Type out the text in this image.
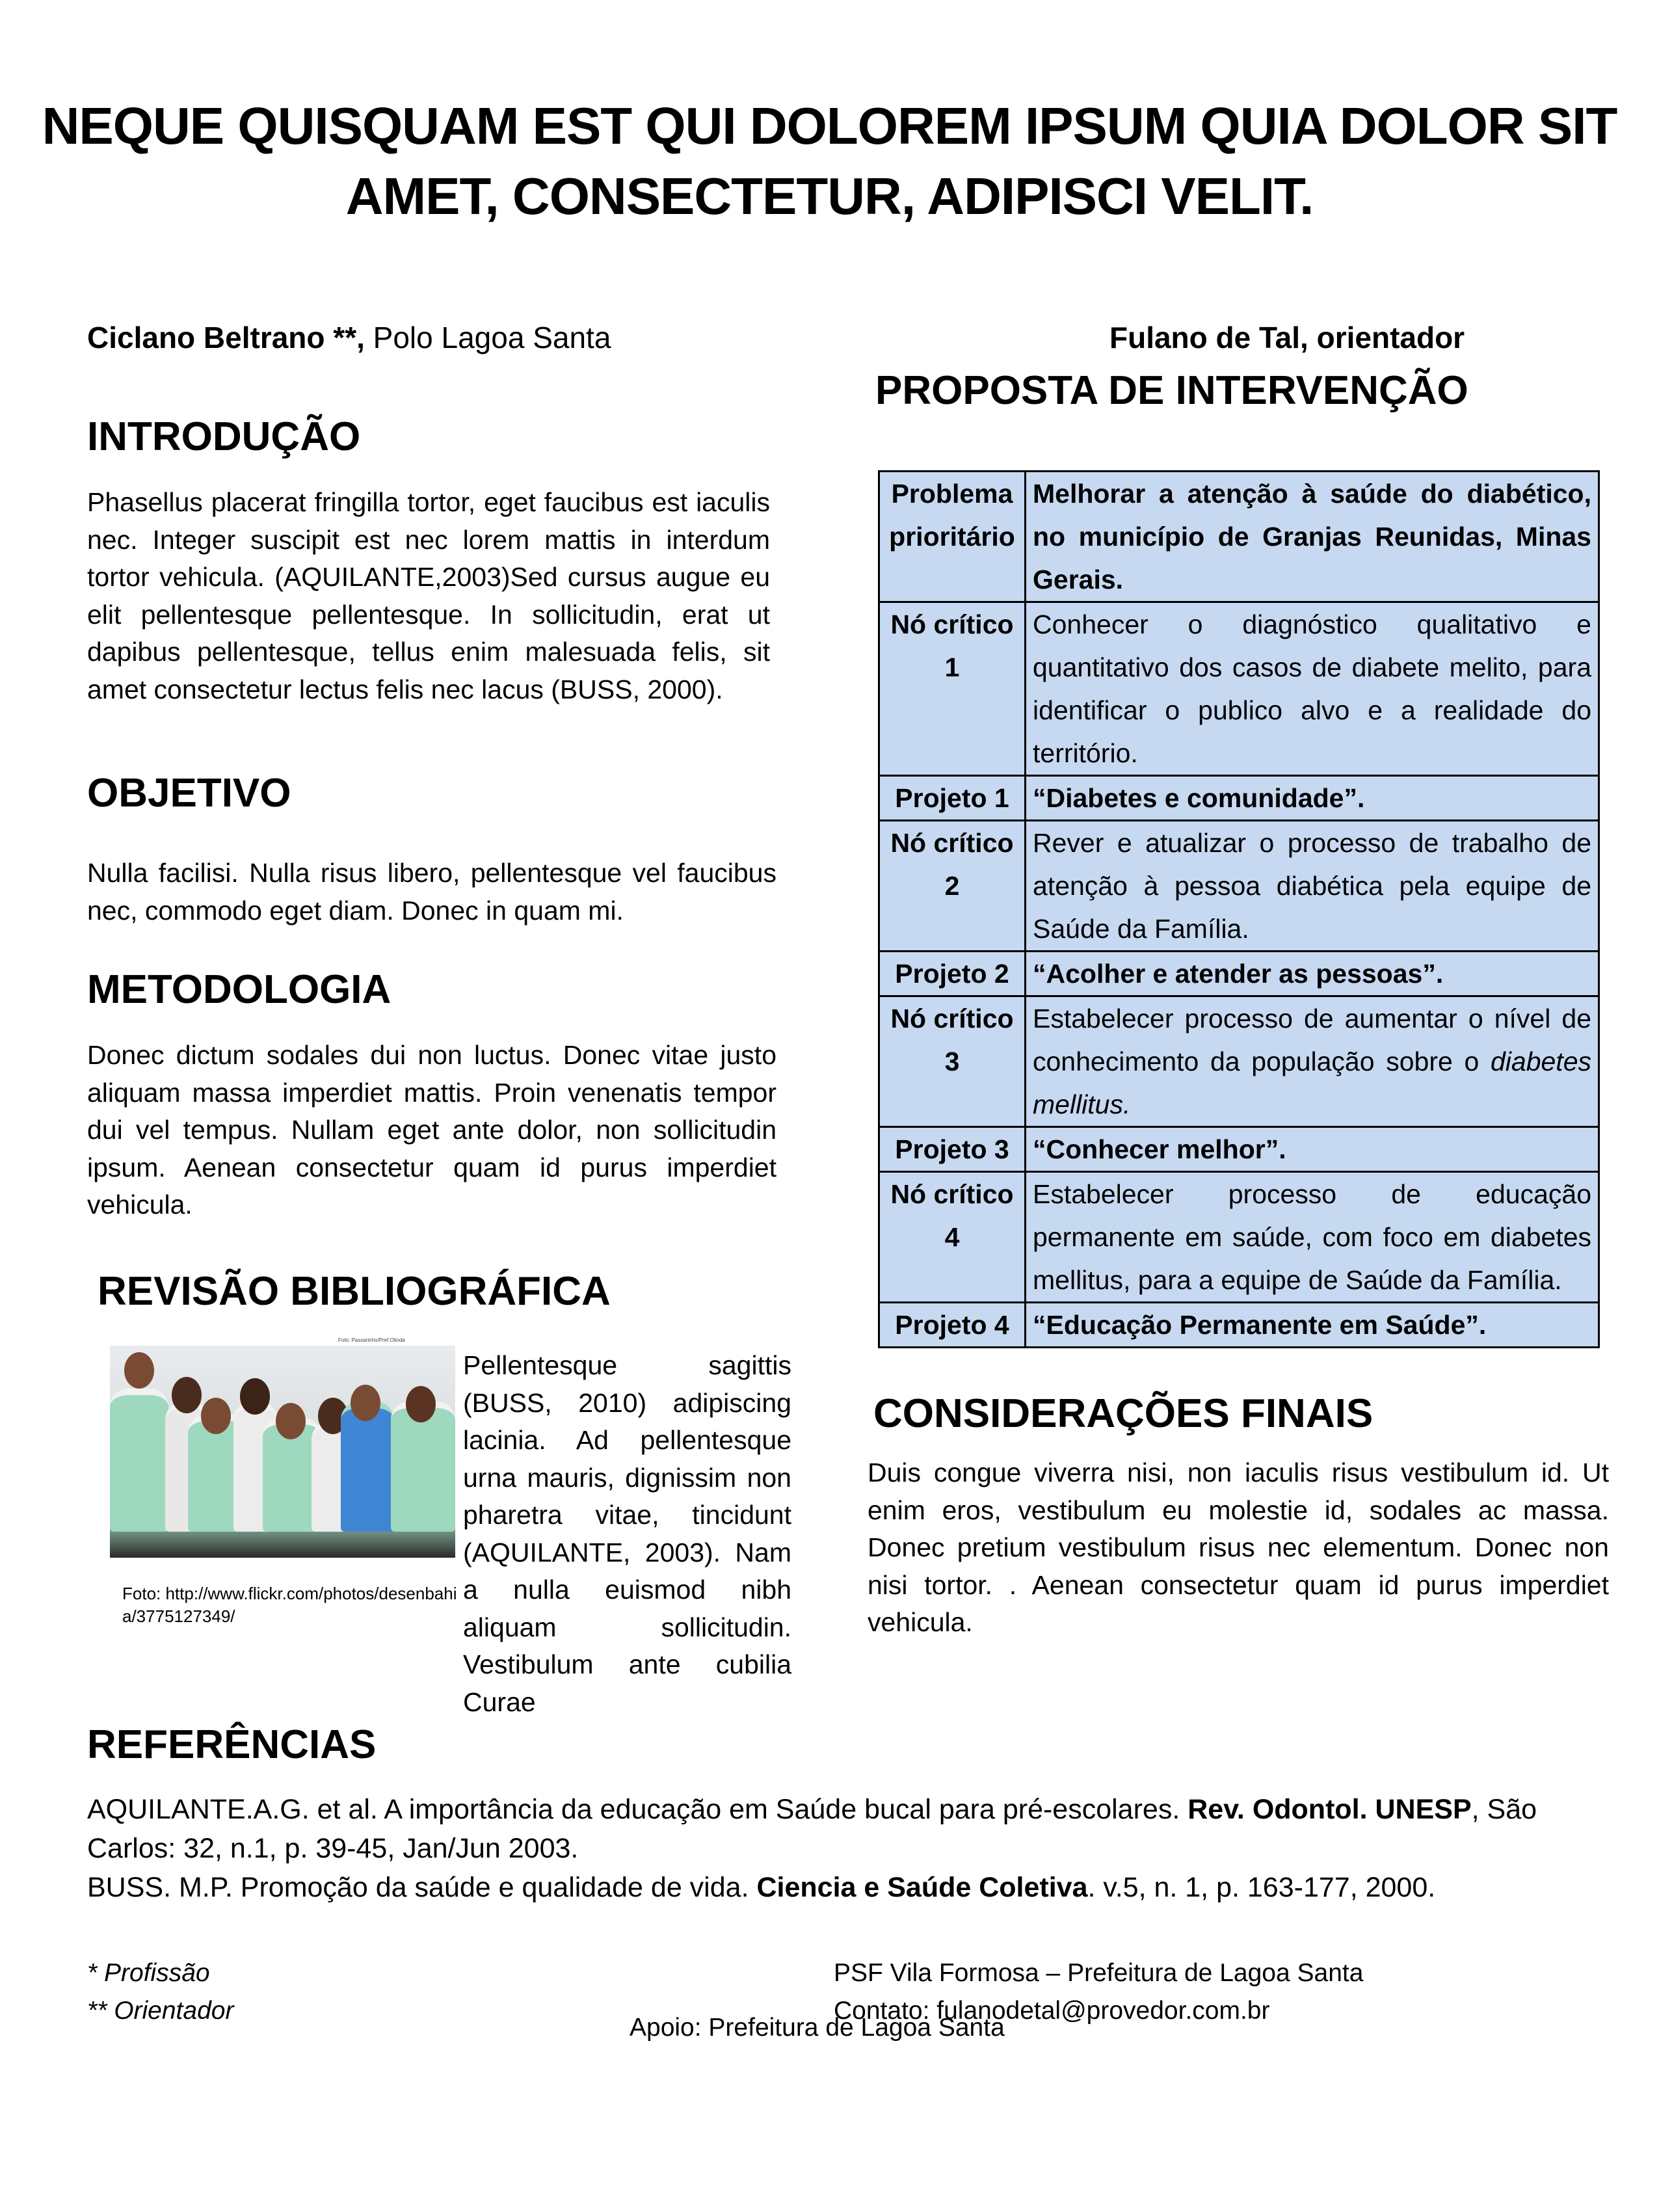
NEQUE QUISQUAM EST QUI DOLOREM IPSUM QUIA DOLOR SIT
AMET, CONSECTETUR, ADIPISCI VELIT.
Ciclano Beltrano **, Polo Lagoa Santa	Fulano de Tal, orientador
INTRODUÇÃO

Phasellus placerat fringilla tortor, eget faucibus est iaculis nec. Integer suscipit est nec lorem mattis in interdum tortor vehicula. (AQUILANTE,2003)Sed cursus augue eu elit pellentesque pellentesque. In sollicitudin, erat ut dapibus pellentesque, tellus enim malesuada felis, sit amet consectetur lectus felis nec lacus (BUSS, 2000).

OBJETIVO

Nulla facilisi. Nulla risus libero, pellentesque vel faucibus nec, commodo eget diam. Donec in quam mi.

METODOLOGIA

Donec dictum sodales dui non luctus. Donec vitae justo aliquam massa imperdiet mattis. Proin venenatis tempor dui vel tempus. Nullam eget ante dolor, non sollicitudin ipsum. Aenean consectetur quam id purus imperdiet vehicula.

REVISÃO BIBLIOGRÁFICA
Foto: Passarinho/Pref.Olinda

Foto: http://www.flickr.com/photos/desenbahia/3775127349/

Pellentesque sagittis (BUSS, 2010) adipiscing lacinia. Ad pellentesque urna mauris, dignissim non pharetra vitae, tincidunt (AQUILANTE, 2003). Nam a nulla euismod nibh aliquam sollicitudin. Vestibulum ante cubilia Curae

PROPOSTA DE INTERVENÇÃO
Problema prioritário	Melhorar a atenção à saúde do diabético, no município de Granjas Reunidas, Minas Gerais.
Nó crítico 1	Conhecer o diagnóstico qualitativo e quantitativo dos casos de diabete melito, para identificar o publico alvo e a realidade do território.
Projeto 1	“Diabetes e comunidade”.
Nó crítico 2	Rever e atualizar o processo de trabalho de atenção à pessoa diabética pela equipe de Saúde da Família.
Projeto 2	“Acolher e atender as pessoas”.
Nó crítico 3	Estabelecer processo de aumentar o nível de conhecimento da população sobre o diabetes mellitus.
Projeto 3	“Conhecer melhor”.
Nó crítico 4	Estabelecer processo de educação permanente em saúde, com foco em diabetes mellitus, para a equipe de Saúde da Família.
Projeto 4	“Educação Permanente em Saúde”.
CONSIDERAÇÕES FINAIS

Duis congue viverra nisi, non iaculis risus vestibulum id. Ut enim eros, vestibulum eu molestie id, sodales ac massa. Donec pretium vestibulum risus nec elementum. Donec non nisi tortor. . Aenean consectetur quam id purus imperdiet vehicula.

REFERÊNCIAS
AQUILANTE.A.G. et al. A importância da educação em Saúde bucal para pré-escolares. Rev. Odontol. UNESP, São Carlos: 32, n.1, p. 39-45, Jan/Jun 2003.
BUSS. M.P. Promoção da saúde e qualidade de vida. Ciencia e Saúde Coletiva. v.5, n. 1, p. 163-177, 2000.
* Profissão
** Orientador
PSF Vila Formosa – Prefeitura de Lagoa Santa
Contato: fulanodetal@provedor.com.br
Apoio: Prefeitura de Lagoa Santa
